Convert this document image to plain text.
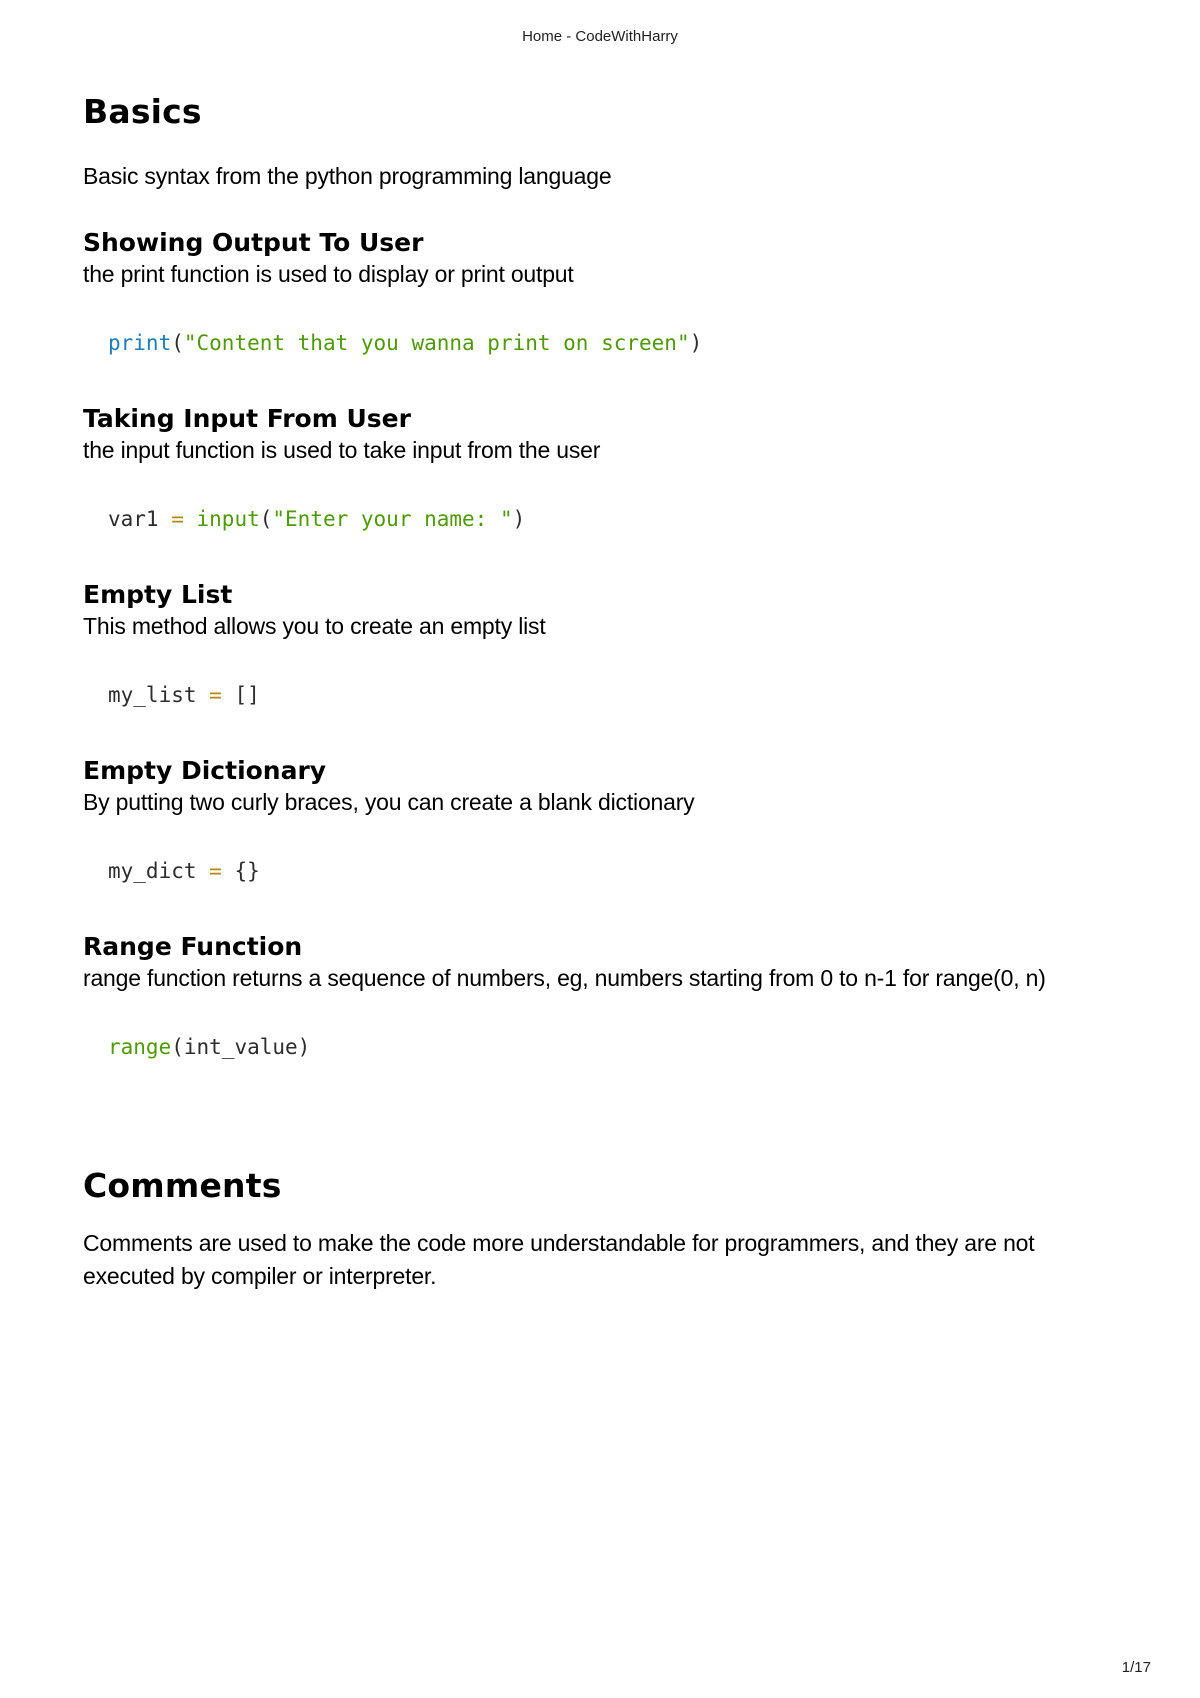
Home - CodeWithHarry
Basics

Basic syntax from the python programming language

Showing Output To User

the print function is used to display or print output

print("Content that you wanna print on screen")
Taking Input From User

the input function is used to take input from the user

var1 = input("Enter your name: ")
Empty List

This method allows you to create an empty list

my_list = []
Empty Dictionary

By putting two curly braces, you can create a blank dictionary

my_dict = {}
Range Function

range function returns a sequence of numbers, eg, numbers starting from 0 to n-1 for range(0, n)

range(int_value)
Comments

Comments are used to make the code more understandable for programmers, and they are not executed by compiler or interpreter.

1/17
